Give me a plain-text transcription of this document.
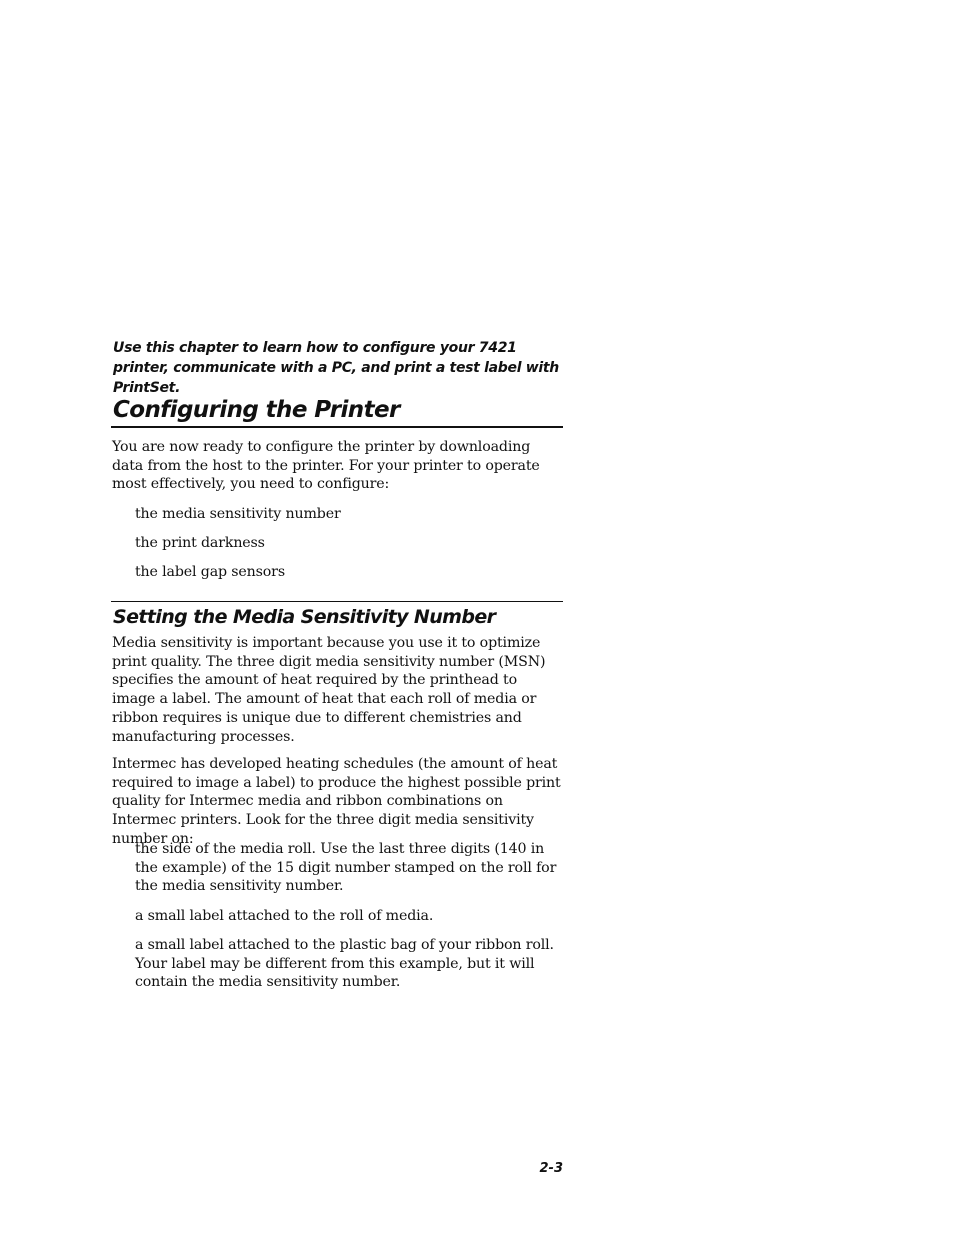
Use this chapter to learn how to configure your 7421 printer, communicate with a PC, and print a test label with PrintSet.

Configuring the Printer

You are now ready to configure the printer by downloading data from the host to the printer. For your printer to operate most effectively, you need to configure:

the media sensitivity number

the print darkness

the label gap sensors

Setting the Media Sensitivity Number

Media sensitivity is important because you use it to optimize print quality. The three digit media sensitivity number (MSN) specifies the amount of heat required by the printhead to image a label. The amount of heat that each roll of media or ribbon requires is unique due to different chemistries and manufacturing processes.

Intermec has developed heating schedules (the amount of heat required to image a label) to produce the highest possible print quality for Intermec media and ribbon combinations on Intermec printers. Look for the three digit media sensitivity number on:

the side of the media roll. Use the last three digits (140 in the example) of the 15 digit number stamped on the roll for the media sensitivity number.

a small label attached to the roll of media.

a small label attached to the plastic bag of your ribbon roll. Your label may be different from this example, but it will contain the media sensitivity number.

2-3
